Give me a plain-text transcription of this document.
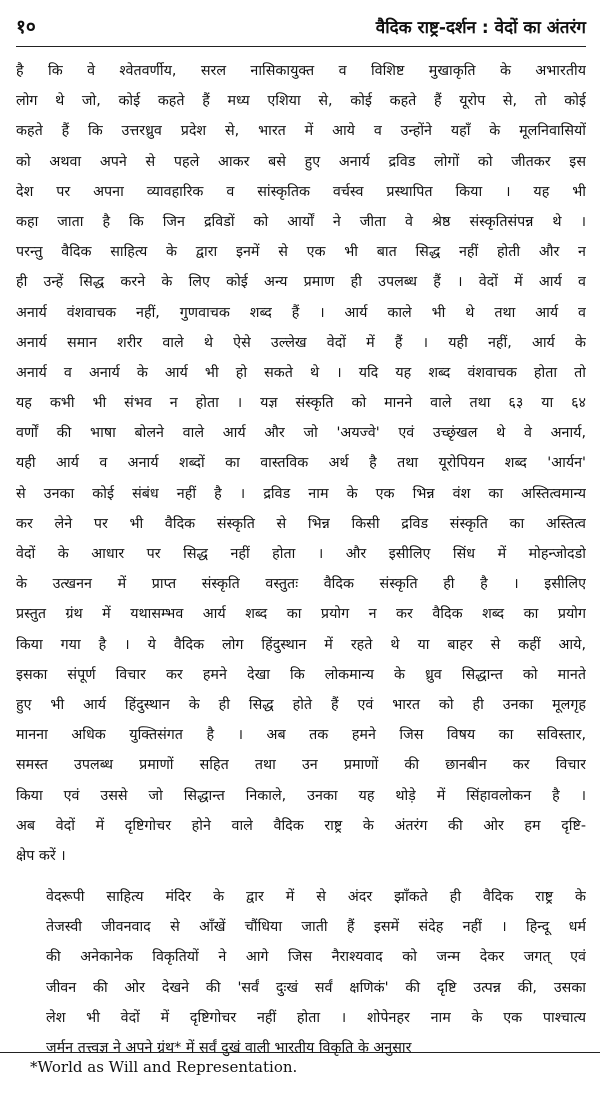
१०	वैदिक राष्ट्र-दर्शन : वेदों का अंतरंग

है कि वे श्वेतवर्णीय, सरल नासिकायुक्त व विशिष्ट मुखाकृति के अभारतीय
लोग थे जो, कोई कहते हैं मध्य एशिया से, कोई कहते हैं यूरोप से, तो कोई
कहते हैं कि उत्तरध्रुव प्रदेश से, भारत में आये व उन्होंने यहाँ के मूलनिवासियों
को अथवा अपने से पहले आकर बसे हुए अनार्य द्रविड लोगों को जीतकर इस
देश पर अपना व्यावहारिक व सांस्कृतिक वर्चस्व प्रस्थापित किया । यह भी
कहा जाता है कि जिन द्रविडों को आर्यों ने जीता वे श्रेष्ठ संस्कृतिसंपन्न थे ।
परन्तु वैदिक साहित्य के द्वारा इनमें से एक भी बात सिद्ध नहीं होती और न
ही उन्हें सिद्ध करने के लिए कोई अन्य प्रमाण ही उपलब्ध हैं । वेदों में आर्य व
अनार्य वंशवाचक नहीं, गुणवाचक शब्द हैं । आर्य काले भी थे तथा आर्य व
अनार्य समान शरीर वाले थे ऐसे उल्लेख वेदों में हैं । यही नहीं, आर्य के
अनार्य व अनार्य के आर्य भी हो सकते थे । यदि यह शब्द वंशवाचक होता तो
यह कभी भी संभव न होता । यज्ञ संस्कृति को मानने वाले तथा ६३ या ६४
वर्णों की भाषा बोलने वाले आर्य और जो 'अयज्वे' एवं उच्छृंखल थे वे अनार्य,
यही आर्य व अनार्य शब्दों का वास्तविक अर्थ है तथा यूरोपियन शब्द 'आर्यन'
से उनका कोई संबंध नहीं है । द्रविड नाम के एक भिन्न वंश का अस्तित्वमान्य
कर लेने पर भी वैदिक संस्कृति से भिन्न किसी द्रविड संस्कृति का अस्तित्व
वेदों के आधार पर सिद्ध नहीं होता । और इसीलिए सिंध में मोहन्जोदडो
के उत्खनन में प्राप्त संस्कृति वस्तुतः वैदिक संस्कृति ही है । इसीलिए
प्रस्तुत ग्रंथ में यथासम्भव आर्य शब्द का प्रयोग न कर वैदिक शब्द का प्रयोग
किया गया है । ये वैदिक लोग हिंदुस्थान में रहते थे या बाहर से कहीं आये,
इसका संपूर्ण विचार कर हमने देखा कि लोकमान्य के ध्रुव सिद्धान्त को मानते
हुए भी आर्य हिंदुस्थान के ही सिद्ध होते हैं एवं भारत को ही उनका मूलगृह
मानना अधिक युक्तिसंगत है । अब तक हमने जिस विषय का सविस्तार,
समस्त उपलब्ध प्रमाणों सहित तथा उन प्रमाणों की छानबीन कर विचार
किया एवं उससे जो सिद्धान्त निकाले, उनका यह थोड़े में सिंहावलोकन है ।
अब वेदों में दृष्टिगोचर होने वाले वैदिक राष्ट्र के अंतरंग की ओर हम दृष्टि-
क्षेप करें ।

वेदरूपी साहित्य मंदिर के द्वार में से अंदर झाँकते ही वैदिक राष्ट्र के
तेजस्वी जीवनवाद से आँखें चौंधिया जाती हैं इसमें संदेह नहीं । हिन्दू धर्म
की अनेकानेक विकृतियों ने आगे जिस नैराश्यवाद को जन्म देकर जगत् एवं
जीवन की ओर देखने की 'सर्वं दुःखं सर्वं क्षणिकं' की दृष्टि उत्पन्न की, उसका
लेश भी वेदों में दृष्टिगोचर नहीं होता । शोपेनहर नाम के एक पाश्चात्य
जर्मन तत्त्वज्ञ ने अपने ग्रंथ* में सर्वं दुखं वाली भारतीय विकृति के अनुसार

*World as Will and Representation.
